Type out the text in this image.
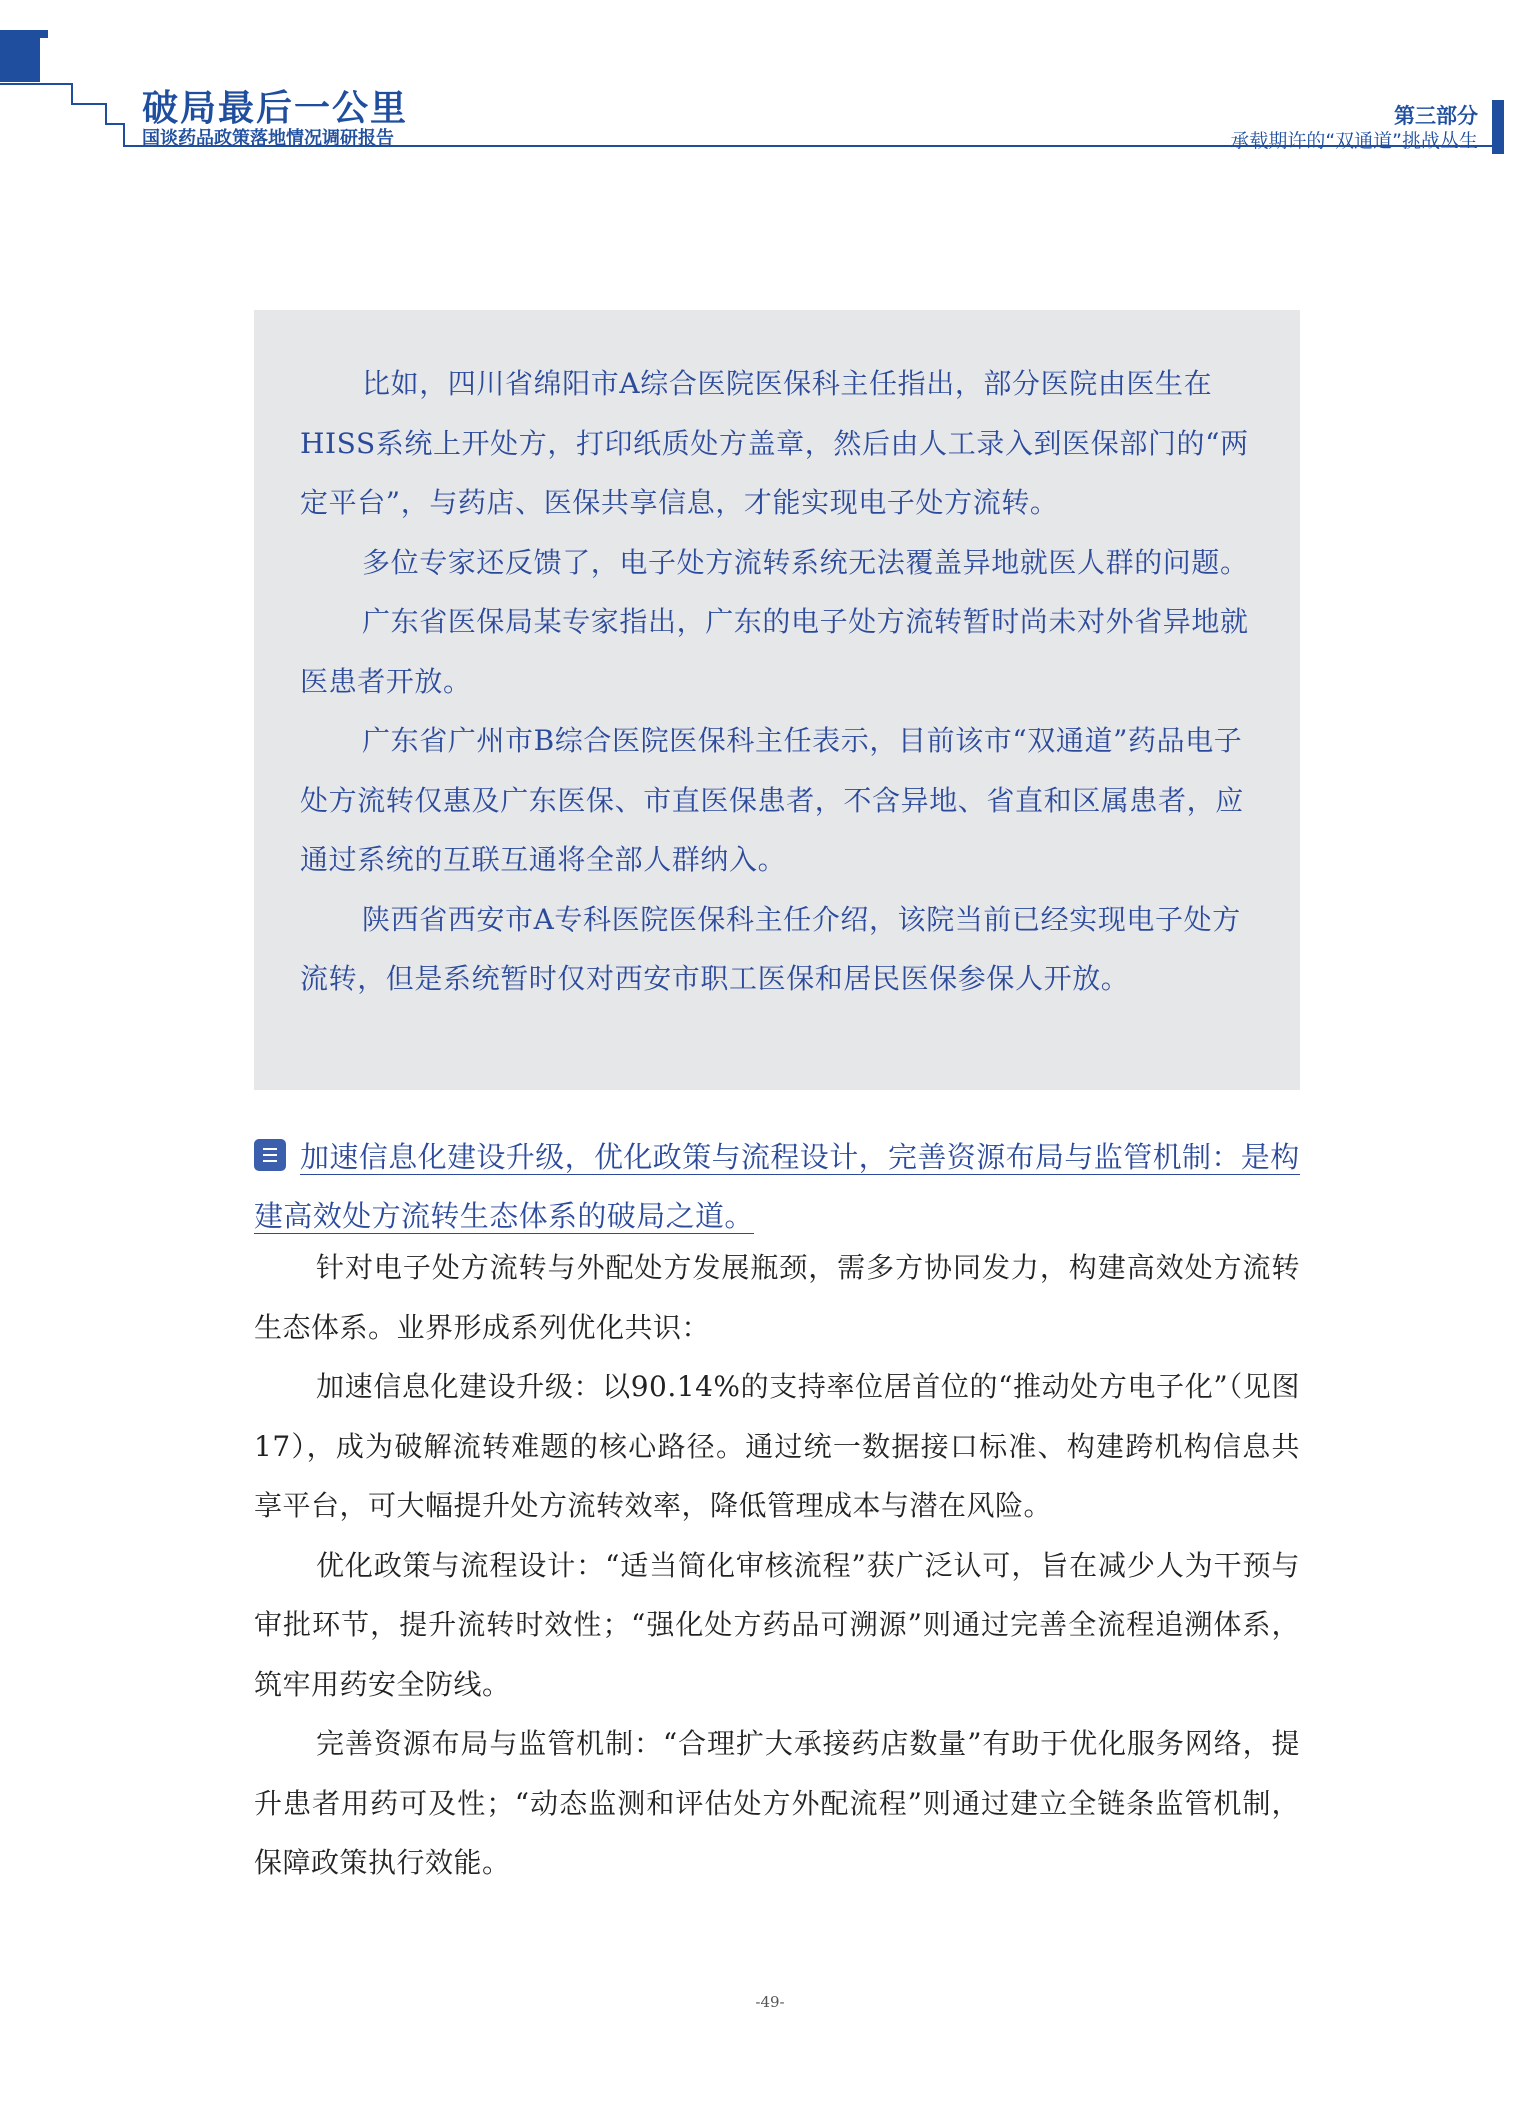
破局最后一公里
国谈药品政策落地情况调研报告
第三部分
承载期许的“双通道”挑战丛生

比如，四川省绵阳市A综合医院医保科主任指出，部分医院由医生在HISS系统上开处方，打印纸质处方盖章，然后由人工录入到医保部门的“两定平台”，与药店、医保共享信息，才能实现电子处方流转。

多位专家还反馈了，电子处方流转系统无法覆盖异地就医人群的问题。

广东省医保局某专家指出，广东的电子处方流转暂时尚未对外省异地就医患者开放。

广东省广州市B综合医院医保科主任表示，目前该市“双通道”药品电子处方流转仅惠及广东医保、市直医保患者，不含异地、省直和区属患者，应通过系统的互联互通将全部人群纳入。

陕西省西安市A专科医院医保科主任介绍，该院当前已经实现电子处方流转，但是系统暂时仅对西安市职工医保和居民医保参保人开放。

加速信息化建设升级，优化政策与流程设计，完善资源布局与监管机制：是构建高效处方流转生态体系的破局之道。

针对电子处方流转与外配处方发展瓶颈，需多方协同发力，构建高效处方流转生态体系。业界形成系列优化共识：

加速信息化建设升级：以90.14%的支持率位居首位的“推动处方电子化”（见图17），成为破解流转难题的核心路径。通过统一数据接口标准、构建跨机构信息共享平台，可大幅提升处方流转效率，降低管理成本与潜在风险。

优化政策与流程设计：“适当简化审核流程”获广泛认可，旨在减少人为干预与审批环节，提升流转时效性；“强化处方药品可溯源”则通过完善全流程追溯体系，筑牢用药安全防线。

完善资源布局与监管机制：“合理扩大承接药店数量”有助于优化服务网络，提升患者用药可及性；“动态监测和评估处方外配流程”则通过建立全链条监管机制，保障政策执行效能。

-49-
